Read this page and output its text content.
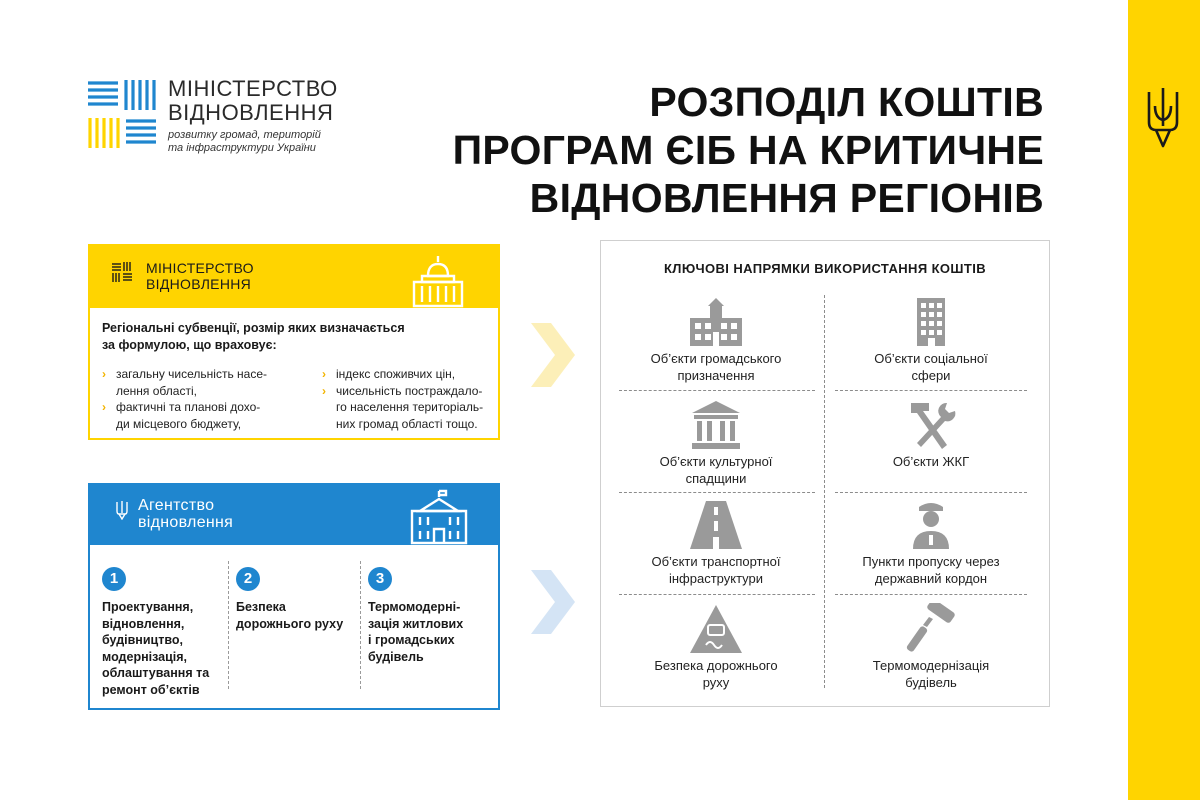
МІНІСТЕРСТВО
ВІДНОВЛЕННЯ
розвитку громад, територій
та інфраструктури України
РОЗПОДІЛ КОШТІВ
ПРОГРАМ ЄІБ НА КРИТИЧНЕ
ВІДНОВЛЕННЯ РЕГІОНІВ
МІНІСТЕРСТВО
ВІДНОВЛЕННЯ
Регіональні субвенції, розмір яких визначається
за формулою, що враховує:
› загальну чисельність насе-
лення області,
› фактичні та планові дохо-
ди місцевого бюджету,
› індекс споживчих цін,
› чисельність постраждало-
го населення територіаль-
них громад області тощо.
Агентство
відновлення
1
Проектування,
відновлення,
будівництво,
модернізація,
облаштування та
ремонт об’єктів
2
Безпека
дорожнього руху
3
Термомодерні-
зація житлових
і громадських
будівель
КЛЮЧОВІ НАПРЯМКИ ВИКОРИСТАННЯ КОШТІВ
Об’єкти громадського
призначення
Об’єкти соціальної
сфери
Об’єкти культурної
спадщини
Об’єкти ЖКГ
Об’єкти транспортної
інфраструктури
Пункти пропуску через
державний кордон
Безпека дорожнього
руху
Термомодернізація
будівель
